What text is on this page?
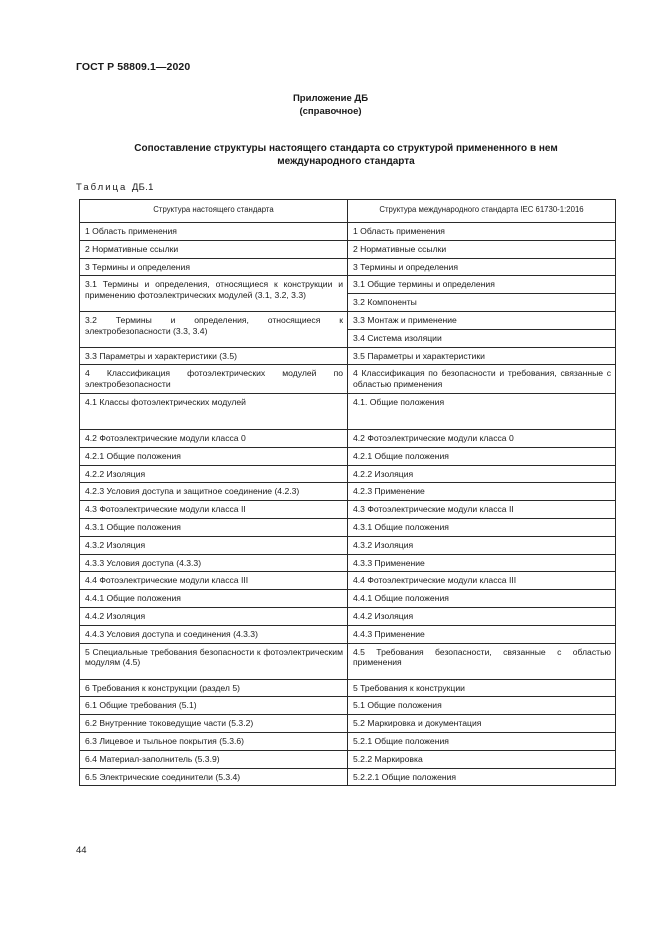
ГОСТ Р 58809.1—2020
Приложение ДБ
(справочное)
Сопоставление структуры настоящего стандарта со структурой примененного в нем международного стандарта
Таблица ДБ.1
Структура настоящего стандарта	Структура международного стандарта IEC 61730-1:2016
1 Область применения	1 Область применения
2 Нормативные ссылки	2 Нормативные ссылки
3 Термины и определения	3 Термины и определения
3.1 Термины и определения, относящиеся к конструкции и применению фотоэлектрических модулей (3.1, 3.2, 3.3)	3.1 Общие термины и определения
	3.2 Компоненты
3.2 Термины и определения, относящиеся к электробезопасности (3.3, 3.4)	3.3 Монтаж и применение
	3.4 Система изоляции
3.3 Параметры и характеристики (3.5)	3.5 Параметры и характеристики
4 Классификация фотоэлектрических модулей по электробезопасности	4 Классификация по безопасности и требования, связанные с областью применения
4.1 Классы фотоэлектрических модулей	4.1. Общие положения
4.2 Фотоэлектрические модули класса 0	4.2 Фотоэлектрические модули класса 0
4.2.1 Общие положения	4.2.1 Общие положения
4.2.2 Изоляция	4.2.2 Изоляция
4.2.3 Условия доступа и защитное соединение (4.2.3)	4.2.3 Применение
4.3 Фотоэлектрические модули класса II	4.3 Фотоэлектрические модули класса II
4.3.1 Общие положения	4.3.1 Общие положения
4.3.2 Изоляция	4.3.2 Изоляция
4.3.3 Условия доступа (4.3.3)	4.3.3 Применение
4.4 Фотоэлектрические модули класса III	4.4 Фотоэлектрические модули класса III
4.4.1 Общие положения	4.4.1 Общие положения
4.4.2 Изоляция	4.4.2 Изоляция
4.4.3 Условия доступа и соединения (4.3.3)	4.4.3 Применение
5 Специальные требования безопасности к фотоэлектрическим модулям (4.5)	4.5 Требования безопасности, связанные с областью применения
6 Требования к конструкции (раздел 5)	5 Требования к конструкции
6.1 Общие требования (5.1)	5.1 Общие положения
6.2 Внутренние токоведущие части (5.3.2)	5.2 Маркировка и документация
6.3 Лицевое и тыльное покрытия (5.3.6)	5.2.1 Общие положения
6.4 Материал-заполнитель (5.3.9)	5.2.2 Маркировка
6.5 Электрические соединители (5.3.4)	5.2.2.1 Общие положения
44
